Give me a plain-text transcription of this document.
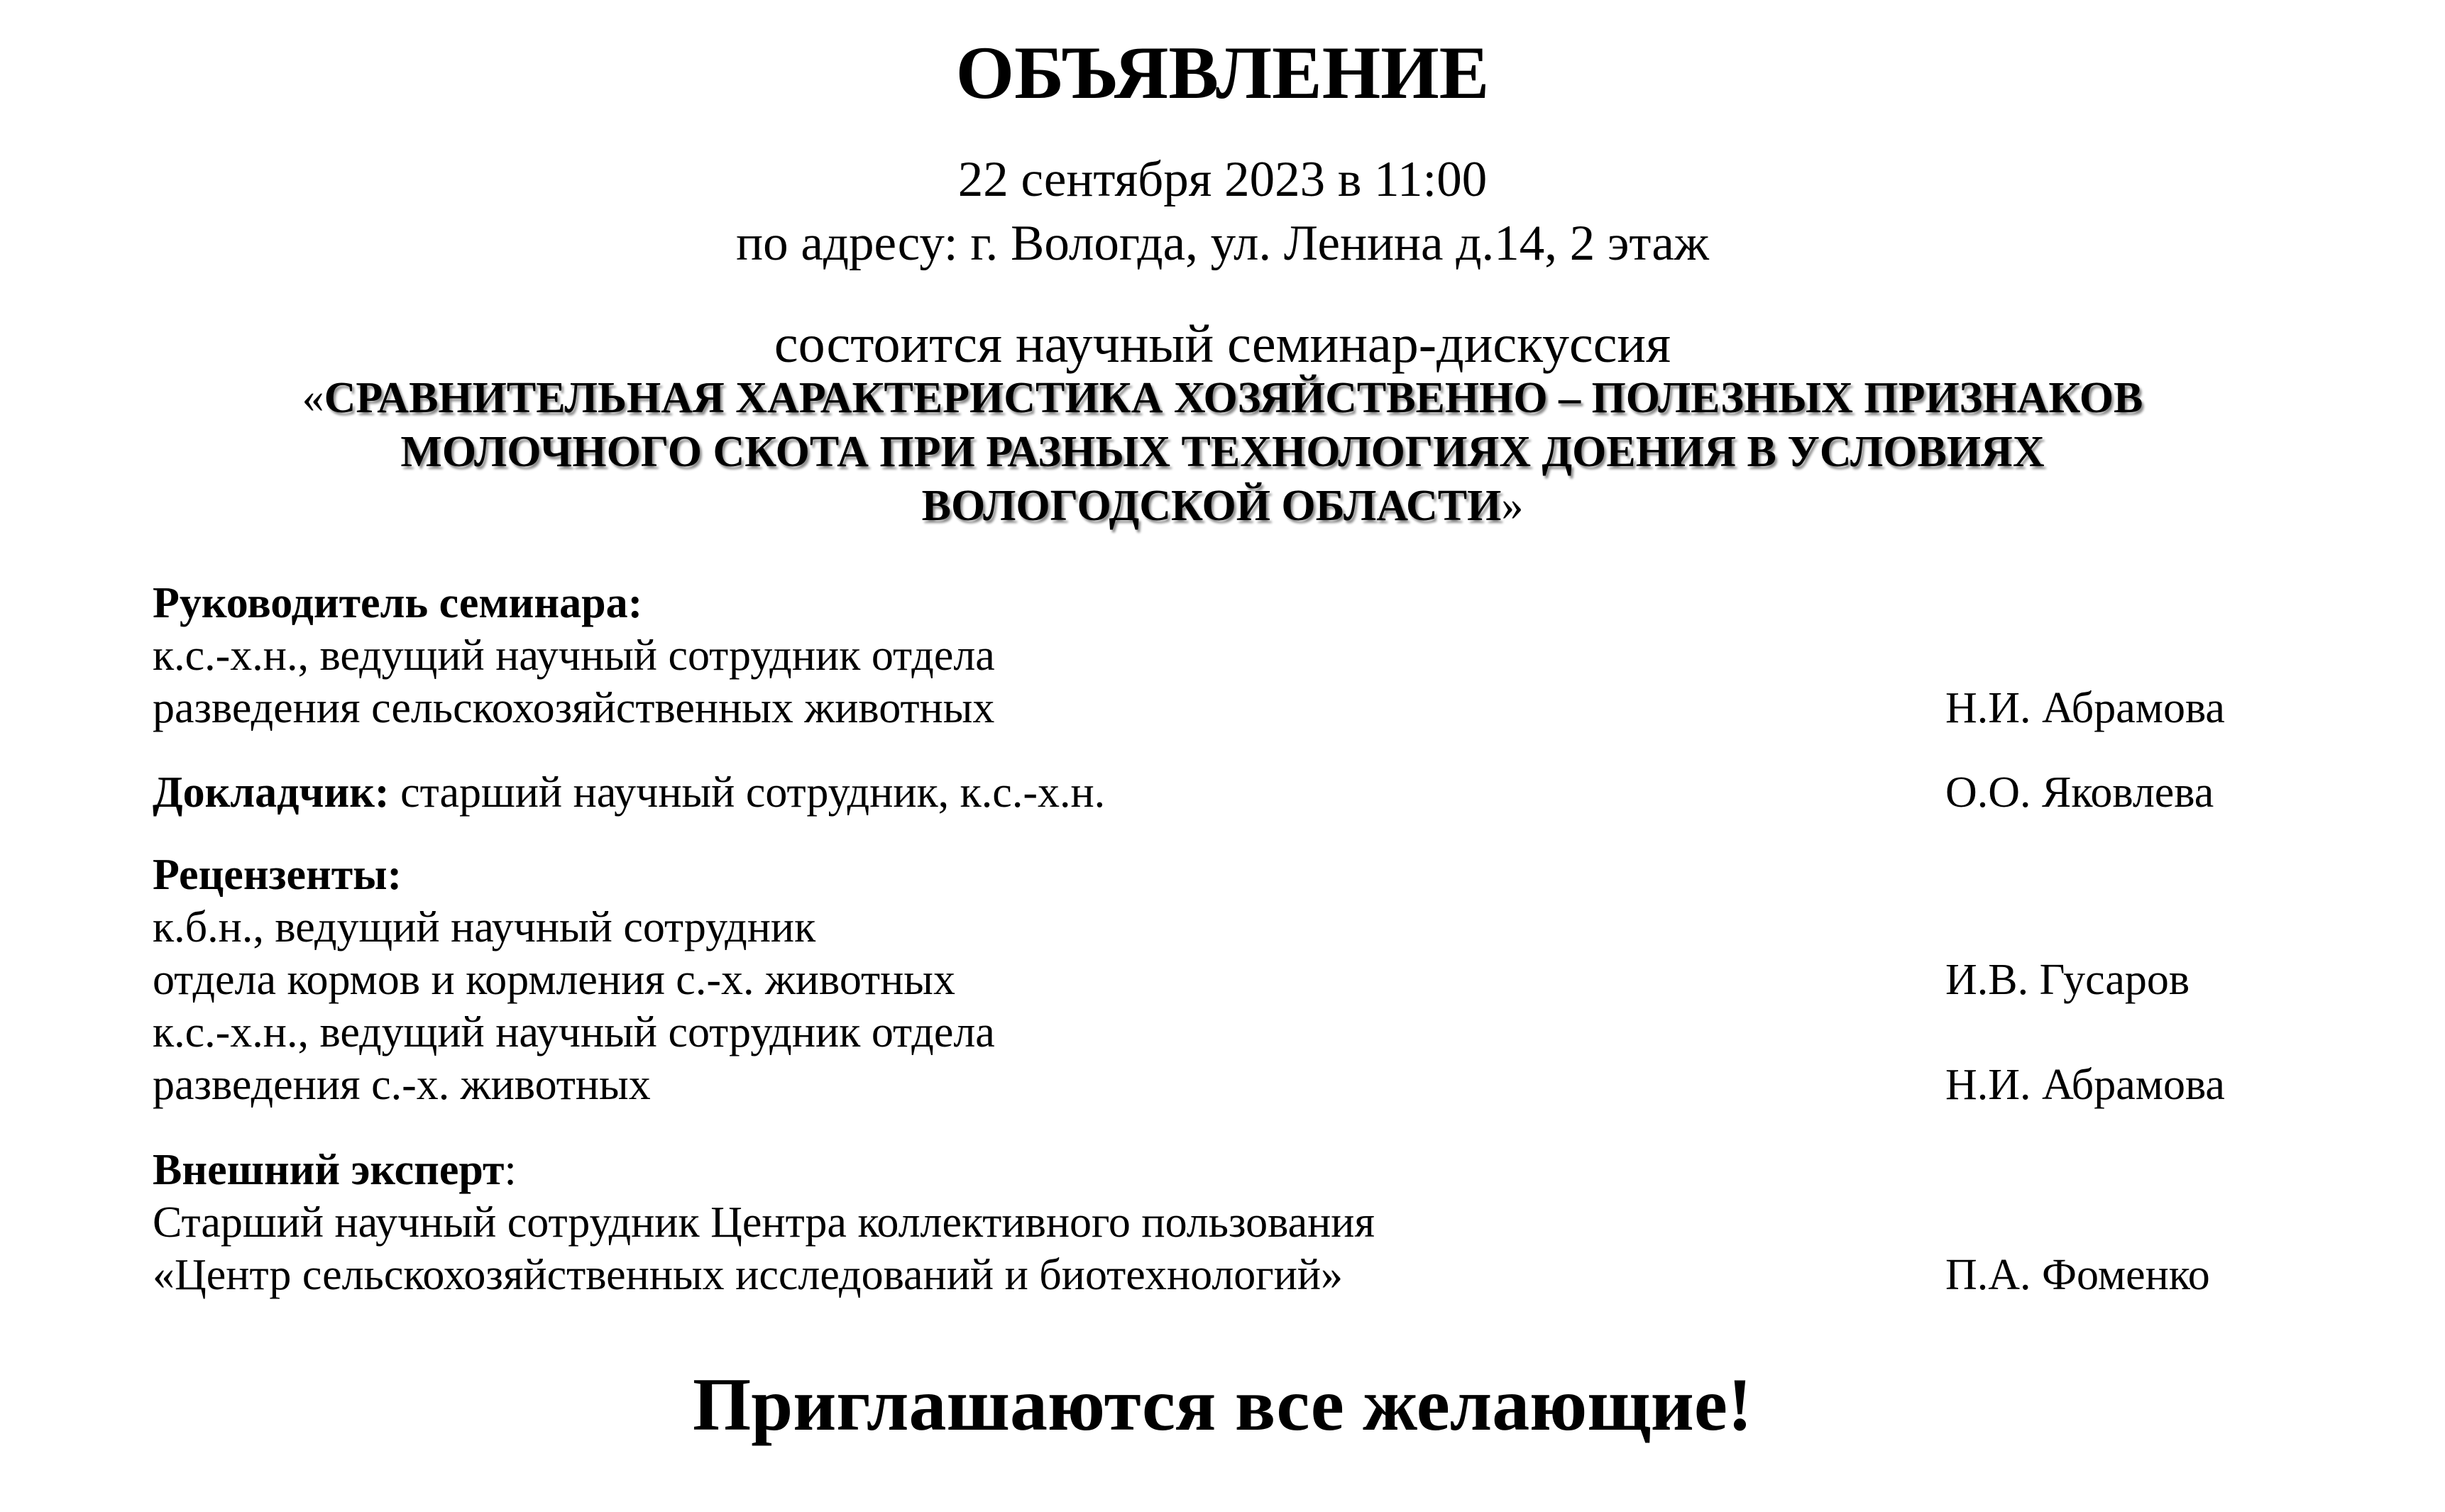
ОБЪЯВЛЕНИЕ
22 сентября 2023 в 11:00
по адресу: г. Вологда, ул. Ленина д.14, 2 этаж
состоится научный семинар-дискуссия
«СРАВНИТЕЛЬНАЯ ХАРАКТЕРИСТИКА ХОЗЯЙСТВЕННО – ПОЛЕЗНЫХ ПРИЗНАКОВ
МОЛОЧНОГО СКОТА ПРИ РАЗНЫХ ТЕХНОЛОГИЯХ ДОЕНИЯ В УСЛОВИЯХ
ВОЛОГОДСКОЙ ОБЛАСТИ»
Руководитель семинара:
к.с.-х.н., ведущий научный сотрудник отдела
разведения сельскохозяйственных животных	Н.И. Абрамова
Докладчик: старший научный сотрудник, к.с.-х.н.	О.О. Яковлева
Рецензенты:
к.б.н., ведущий научный сотрудник
отдела кормов и кормления с.-х. животных	И.В. Гусаров
к.с.-х.н., ведущий научный сотрудник отдела
разведения с.-х. животных	Н.И. Абрамова
Внешний эксперт:
Старший научный сотрудник Центра коллективного пользования
«Центр сельскохозяйственных исследований и биотехнологий»	П.А. Фоменко
Приглашаются все желающие!
